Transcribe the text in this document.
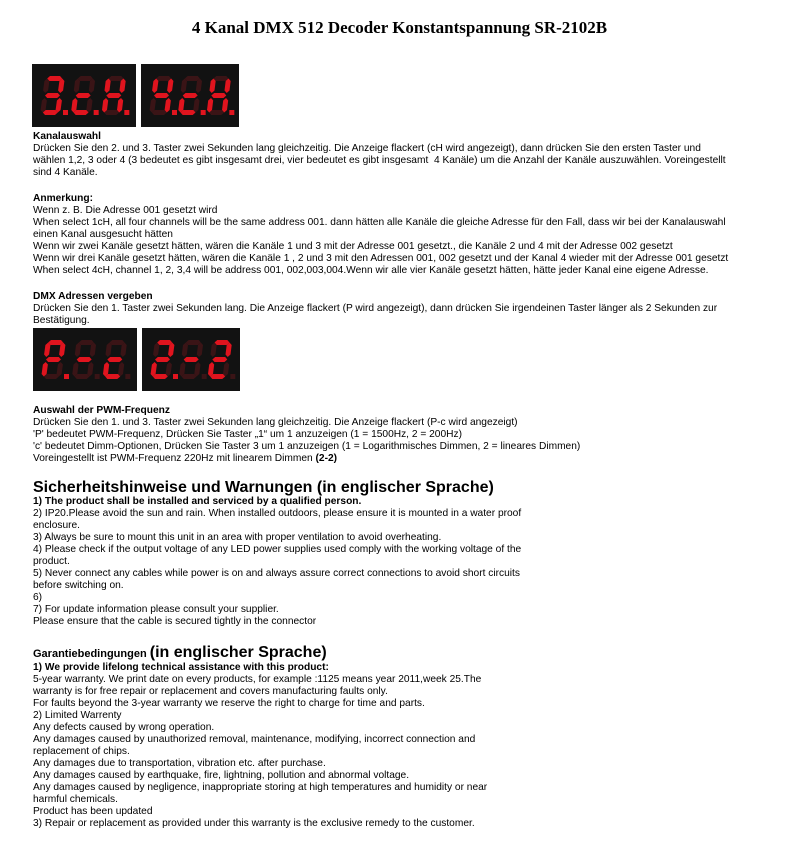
4 Kanal DMX 512 Decoder Konstantspannung SR-2102B
Kanalauswahl
Drücken Sie den 2. und 3. Taster zwei Sekunden lang gleichzeitig. Die Anzeige flackert (cH wird angezeigt), dann drücken Sie den ersten Taster und
wählen 1,2, 3 oder 4 (3 bedeutet es gibt insgesamt drei, vier bedeutet es gibt insgesamt  4 Kanäle) um die Anzahl der Kanäle auszuwählen. Voreingestellt
sind 4 Kanäle.
Anmerkung:
Wenn z. B. Die Adresse 001 gesetzt wird
When select 1cH, all four channels will be the same address 001. dann hätten alle Kanäle die gleiche Adresse für den Fall, dass wir bei der Kanalauswahl
einen Kanal ausgesucht hätten
Wenn wir zwei Kanäle gesetzt hätten, wären die Kanäle 1 und 3 mit der Adresse 001 gesetzt., die Kanäle 2 und 4 mit der Adresse 002 gesetzt
Wenn wir drei Kanäle gesetzt hätten, wären die Kanäle 1 , 2 und 3 mit den Adressen 001, 002 gesetzt und der Kanal 4 wieder mit der Adresse 001 gesetzt
When select 4cH, channel 1, 2, 3,4 will be address 001, 002,003,004.Wenn wir alle vier Kanäle gesetzt hätten, hätte jeder Kanal eine eigene Adresse.
DMX Adressen vergeben
Drücken Sie den 1. Taster zwei Sekunden lang. Die Anzeige flackert (P wird angezeigt), dann drücken Sie irgendeinen Taster länger als 2 Sekunden zur
Bestätigung.
Auswahl der PWM-Frequenz
Drücken Sie den 1. und 3. Taster zwei Sekunden lang gleichzeitig. Die Anzeige flackert (P-c wird angezeigt)
'P' bedeutet PWM-Frequenz, Drücken Sie Taster „1“ um 1 anzuzeigen (1 = 1500Hz, 2 = 200Hz)
'c' bedeutet Dimm-Optionen, Drücken Sie Taster 3 um 1 anzuzeigen (1 = Logarithmisches Dimmen, 2 = lineares Dimmen)
Voreingestellt ist PWM-Frequenz 220Hz mit linearem Dimmen (2-2)
Sicherheitshinweise und Warnungen (in englischer Sprache)
1) The product shall be installed and serviced by a qualified person.
2) IP20.Please avoid the sun and rain. When installed outdoors, please ensure it is mounted in a water proof
enclosure.
3) Always be sure to mount this unit in an area with proper ventilation to avoid overheating.
4) Please check if the output voltage of any LED power supplies used comply with the working voltage of the
product.
5) Never connect any cables while power is on and always assure correct connections to avoid short circuits
before switching on.
6)
7) For update information please consult your supplier.
Please ensure that the cable is secured tightly in the connector
Garantiebedingungen (in englischer Sprache)
1) We provide lifelong technical assistance with this product:
5-year warranty. We print date on every products, for example :1125 means year 2011,week 25.The
warranty is for free repair or replacement and covers manufacturing faults only.
For faults beyond the 3-year warranty we reserve the right to charge for time and parts.
2) Limited Warrenty
Any defects caused by wrong operation.
Any damages caused by unauthorized removal, maintenance, modifying, incorrect connection and
replacement of chips.
Any damages due to transportation, vibration etc. after purchase.
Any damages caused by earthquake, fire, lightning, pollution and abnormal voltage.
Any damages caused by negligence, inappropriate storing at high temperatures and humidity or near
harmful chemicals.
Product has been updated
3) Repair or replacement as provided under this warranty is the exclusive remedy to the customer.
